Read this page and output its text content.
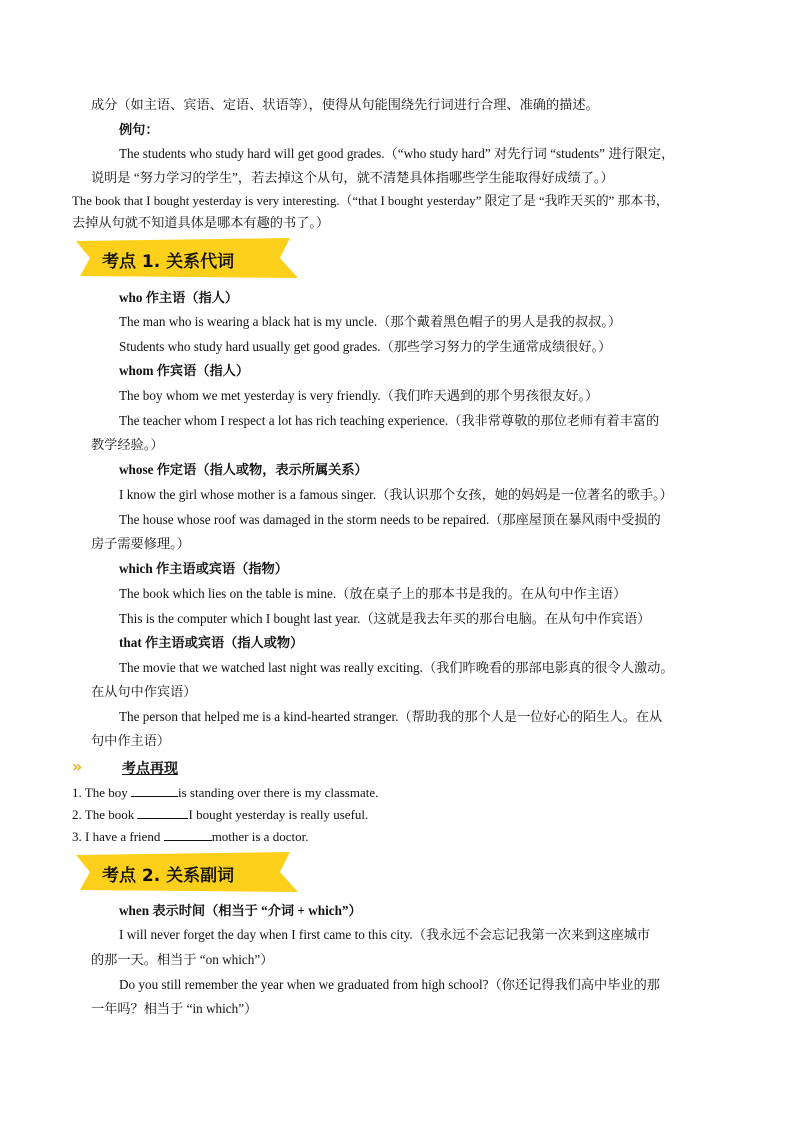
成分（如主语、宾语、定语、状语等），使得从句能围绕先行词进行合理、准确的描述。
例句：
The students who study hard will get good grades.（“who study hard” 对先行词 “students” 进行限定，
说明是 “努力学习的学生”，若去掉这个从句，就不清楚具体指哪些学生能取得好成绩了。）
The book that I bought yesterday is very interesting.（“that I bought yesterday” 限定了是 “我昨天买的” 那本书，
去掉从句就不知道具体是哪本有趣的书了。）
考点 1. 关系代词
who 作主语（指人）
The man who is wearing a black hat is my uncle.（那个戴着黑色帽子的男人是我的叔叔。）
Students who study hard usually get good grades.（那些学习努力的学生通常成绩很好。）
whom 作宾语（指人）
The boy whom we met yesterday is very friendly.（我们昨天遇到的那个男孩很友好。）
The teacher whom I respect a lot has rich teaching experience.（我非常尊敬的那位老师有着丰富的
教学经验。）
whose 作定语（指人或物，表示所属关系）
I know the girl whose mother is a famous singer.（我认识那个女孩，她的妈妈是一位著名的歌手。）
The house whose roof was damaged in the storm needs to be repaired.（那座屋顶在暴风雨中受损的
房子需要修理。）
which 作主语或宾语（指物）
The book which lies on the table is mine.（放在桌子上的那本书是我的。在从句中作主语）
This is the computer which I bought last year.（这就是我去年买的那台电脑。在从句中作宾语）
that 作主语或宾语（指人或物）
The movie that we watched last night was really exciting.（我们昨晚看的那部电影真的很令人激动。
在从句中作宾语）
The person that helped me is a kind-hearted stranger.（帮助我的那个人是一位好心的陌生人。在从
句中作主语）
»	考点再现
1. The boy	is standing over there is my classmate.
2. The book	I bought yesterday is really useful.
3. I have a friend	mother is a doctor.
考点 2. 关系副词
when 表示时间（相当于 “介词 + which”）
I will never forget the day when I first came to this city.（我永远不会忘记我第一次来到这座城市
的那一天。相当于 “on which”）
Do you still remember the year when we graduated from high school?（你还记得我们高中毕业的那
一年吗？相当于 “in which”）
